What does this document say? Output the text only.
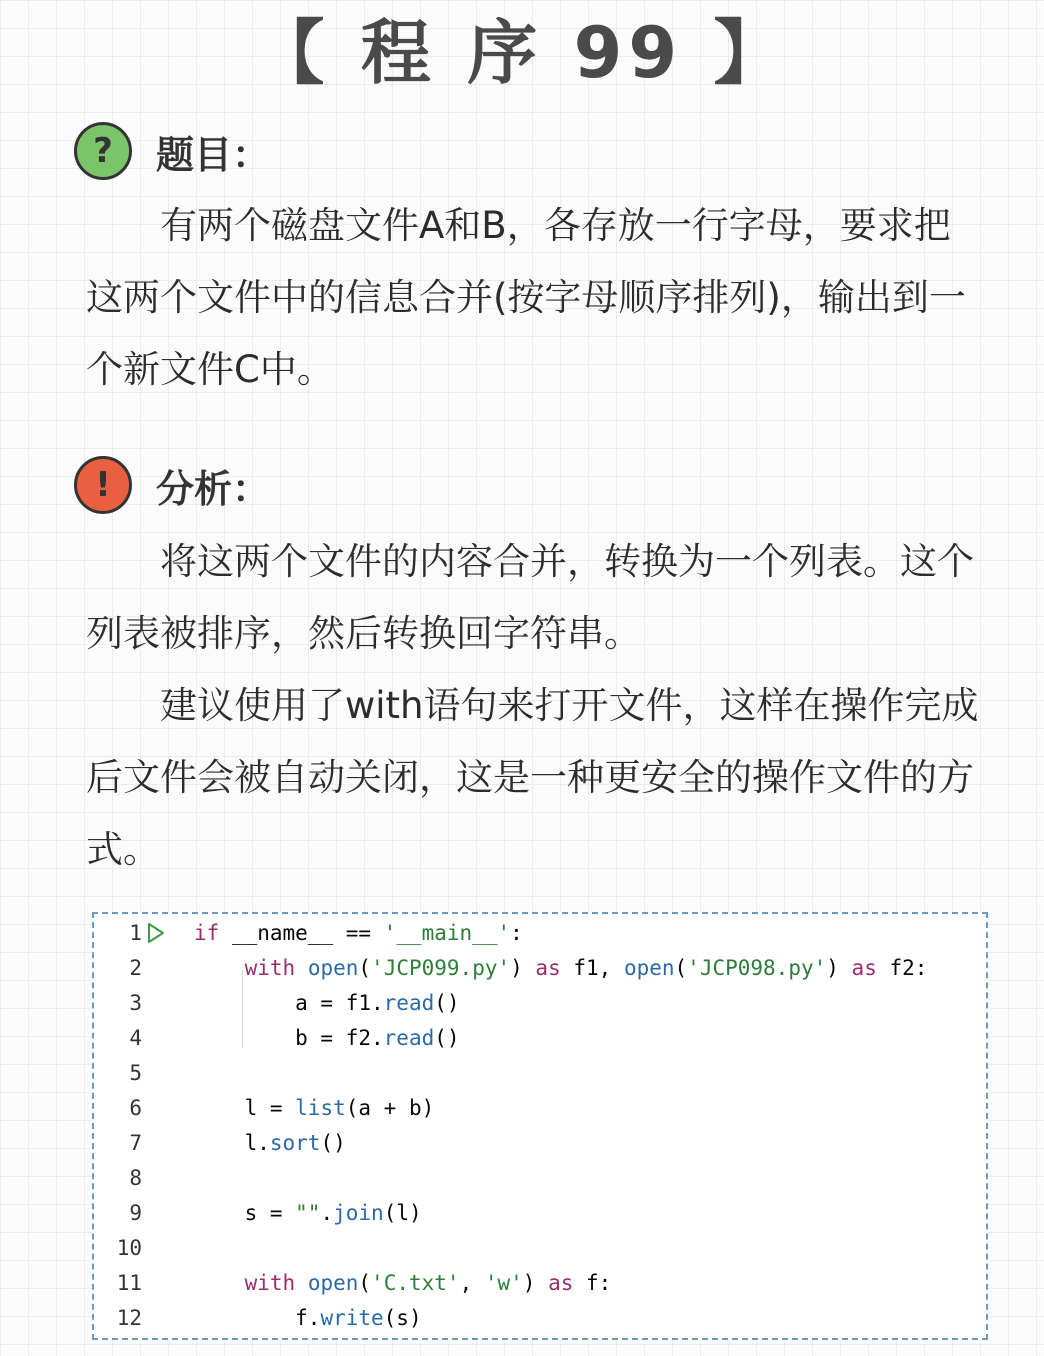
【 程 序 99 】
?	题目：

有两个磁盘文件A和B，各存放一行字母，要求把这两个文件中的信息合并(按字母顺序排列)，输出到一个新文件C中。

!	分析：

将这两个文件的内容合并，转换为一个列表。这个列表被排序，然后转换回字符串。

建议使用了with语句来打开文件，这样在操作完成后文件会被自动关闭，这是一种更安全的操作文件的方式。

1 if __name__ == '__main__':
2	with open('JCP099.py') as f1, open('JCP098.py') as f2:
3 a = f1.read()
4 b = f2.read()
5
6 l = list(a + b)
7 l.sort()
8
9 s = "".join(l)
10
11	with open('C.txt', 'w') as f:
12 f.write(s)
